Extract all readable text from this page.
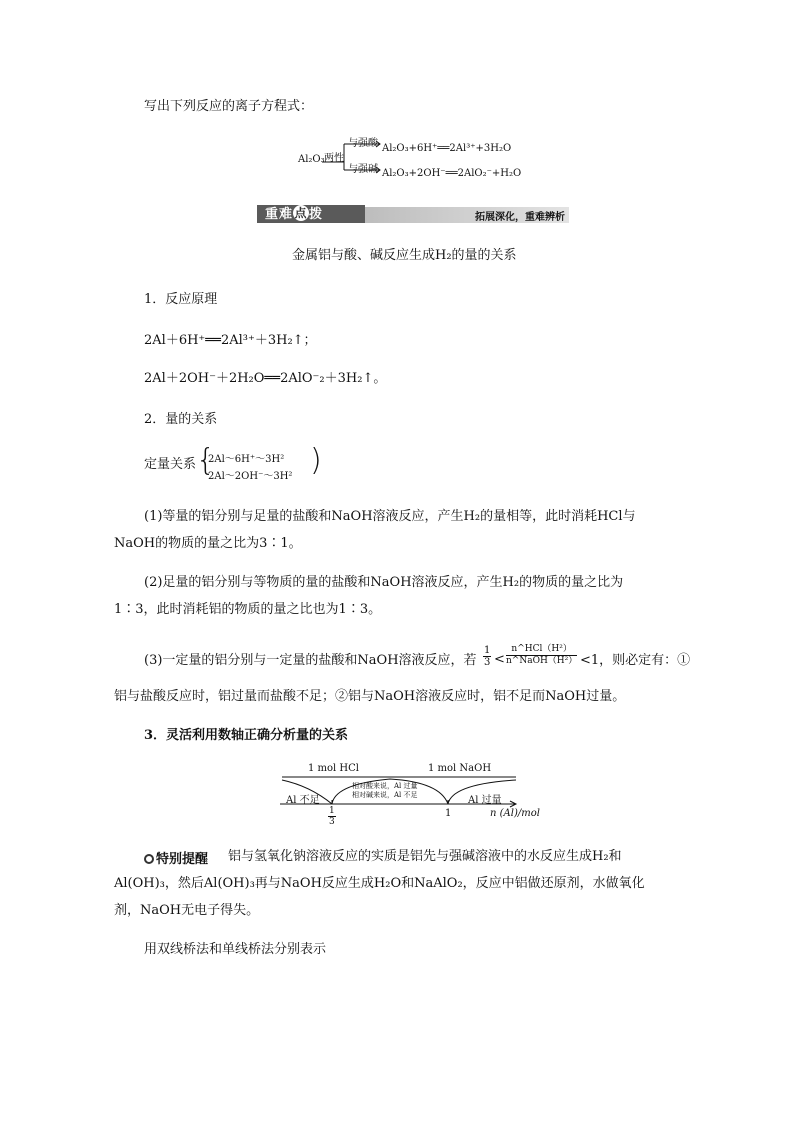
写出下列反应的离子方程式：
Al₂O₃ 两性
与强酸 Al₂O₃+6H⁺══2Al³⁺+3H₂O
与强碱 Al₂O₃+2OH⁻══2AlO₂⁻+H₂O
重难点 拨	拓展深化，重难辨析
金属铝与酸、碱反应生成H₂的量的关系
1．反应原理
2Al＋6H⁺══2Al³⁺＋3H₂↑；
2Al＋2OH⁻＋2H₂O══2AlO⁻₂＋3H₂↑。
2．量的关系
定量关系 {
2Al～6H⁺～3H²
2Al～2OH⁻～3H² )
(1)等量的铝分别与足量的盐酸和NaOH溶液反应，产生H₂的量相等，此时消耗HCl与
NaOH的物质的量之比为3∶1。
(2)足量的铝分别与等物质的量的盐酸和NaOH溶液反应，产生H₂的物质的量之比为
1∶3，此时消耗铝的物质的量之比也为1∶3。
(3)一定量的铝分别与一定量的盐酸和NaOH溶液反应，若 $\frac{1}{3}$ <
n^HCl（H²）
n^NaOH（H²） <1，则必定有：①
铝与盐酸反应时，铝过量而盐酸不足；②铝与NaOH溶液反应时，铝不足而NaOH过量。
3．灵活利用数轴正确分析量的关系
1 mol HCl	1 mol NaOH
Al 不足
相对酸来说，Al 过量
相对碱来说，Al 不足	Al 过量
$\frac{1}{3}$	1	n (Al)/mol
特别提醒 铝与氢氧化钠溶液反应的实质是铝先与强碱溶液中的水反应生成H₂和
Al(OH)₃，然后Al(OH)₃再与NaOH反应生成H₂O和NaAlO₂，反应中铝做还原剂，水做氧化
剂，NaOH无电子得失。
用双线桥法和单线桥法分别表示
